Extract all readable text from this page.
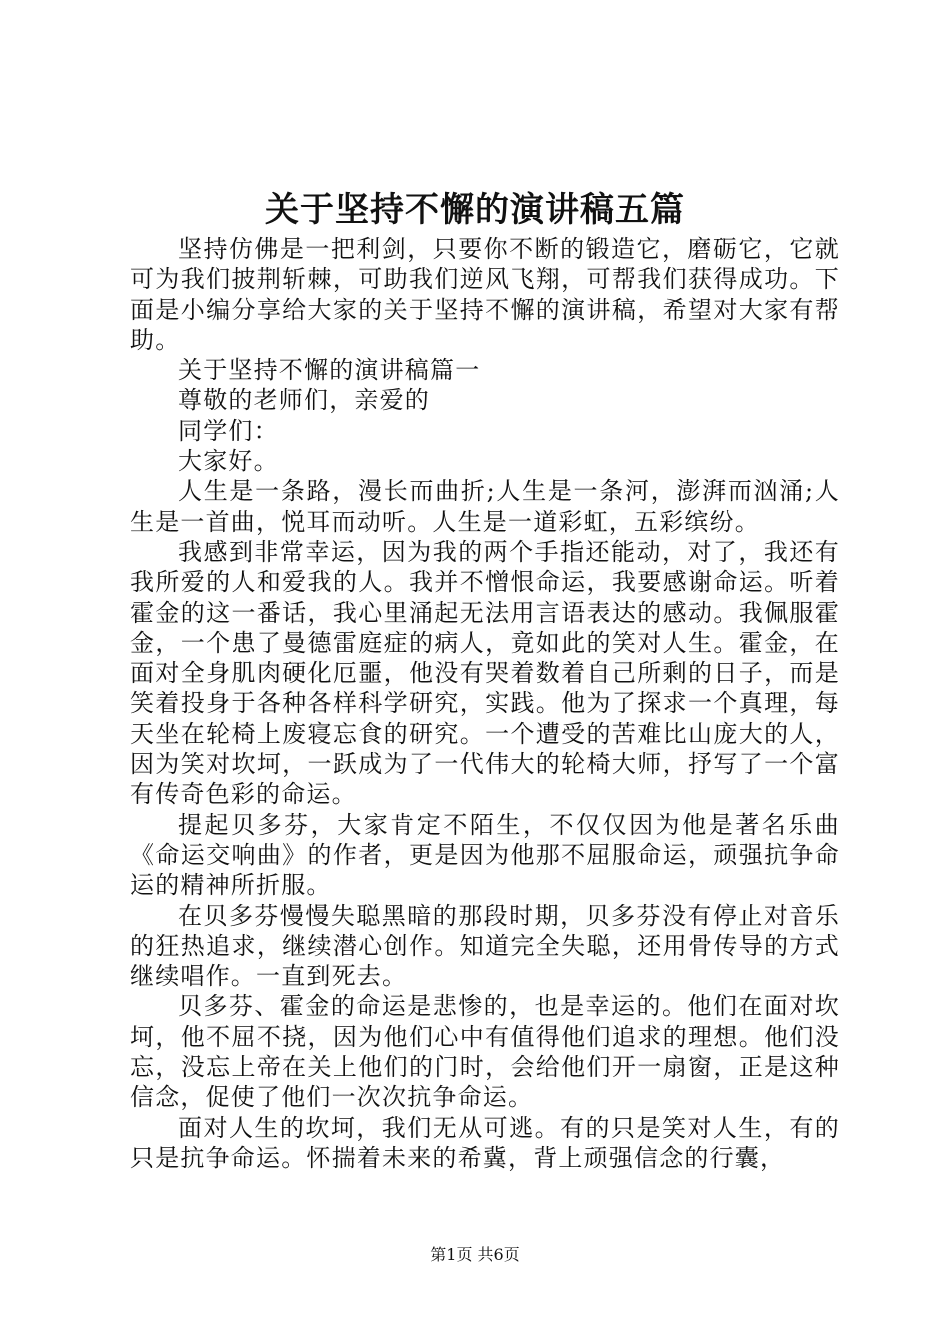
关于坚持不懈的演讲稿五篇

坚持仿佛是一把利剑，只要你不断的锻造它，磨砺它，它就可为我们披荆斩棘，可助我们逆风飞翔，可帮我们获得成功。下面是小编分享给大家的关于坚持不懈的演讲稿，希望对大家有帮助。

关于坚持不懈的演讲稿篇一

尊敬的老师们，亲爱的

同学们：

大家好。

人生是一条路，漫长而曲折;人生是一条河，澎湃而汹涌;人生是一首曲，悦耳而动听。人生是一道彩虹，五彩缤纷。

我感到非常幸运，因为我的两个手指还能动，对了，我还有我所爱的人和爱我的人。我并不憎恨命运，我要感谢命运。听着霍金的这一番话，我心里涌起无法用言语表达的感动。我佩服霍金，一个患了曼德雷庭症的病人，竟如此的笑对人生。霍金，在面对全身肌肉硬化厄噩，他没有哭着数着自己所剩的日子，而是笑着投身于各种各样科学研究，实践。他为了探求一个真理，每天坐在轮椅上废寝忘食的研究。一个遭受的苦难比山庞大的人，因为笑对坎坷，一跃成为了一代伟大的轮椅大师，抒写了一个富有传奇色彩的命运。

提起贝多芬，大家肯定不陌生，不仅仅因为他是著名乐曲《命运交响曲》的作者，更是因为他那不屈服命运，顽强抗争命运的精神所折服。

在贝多芬慢慢失聪黑暗的那段时期，贝多芬没有停止对音乐的狂热追求，继续潜心创作。知道完全失聪，还用骨传导的方式继续唱作。一直到死去。

贝多芬、霍金的命运是悲惨的，也是幸运的。他们在面对坎坷，他不屈不挠，因为他们心中有值得他们追求的理想。他们没忘，没忘上帝在关上他们的门时，会给他们开一扇窗，正是这种信念，促使了他们一次次抗争命运。

面对人生的坎坷，我们无从可逃。有的只是笑对人生，有的只是抗争命运。怀揣着未来的希冀，背上顽强信念的行囊，

第1页 共6页
